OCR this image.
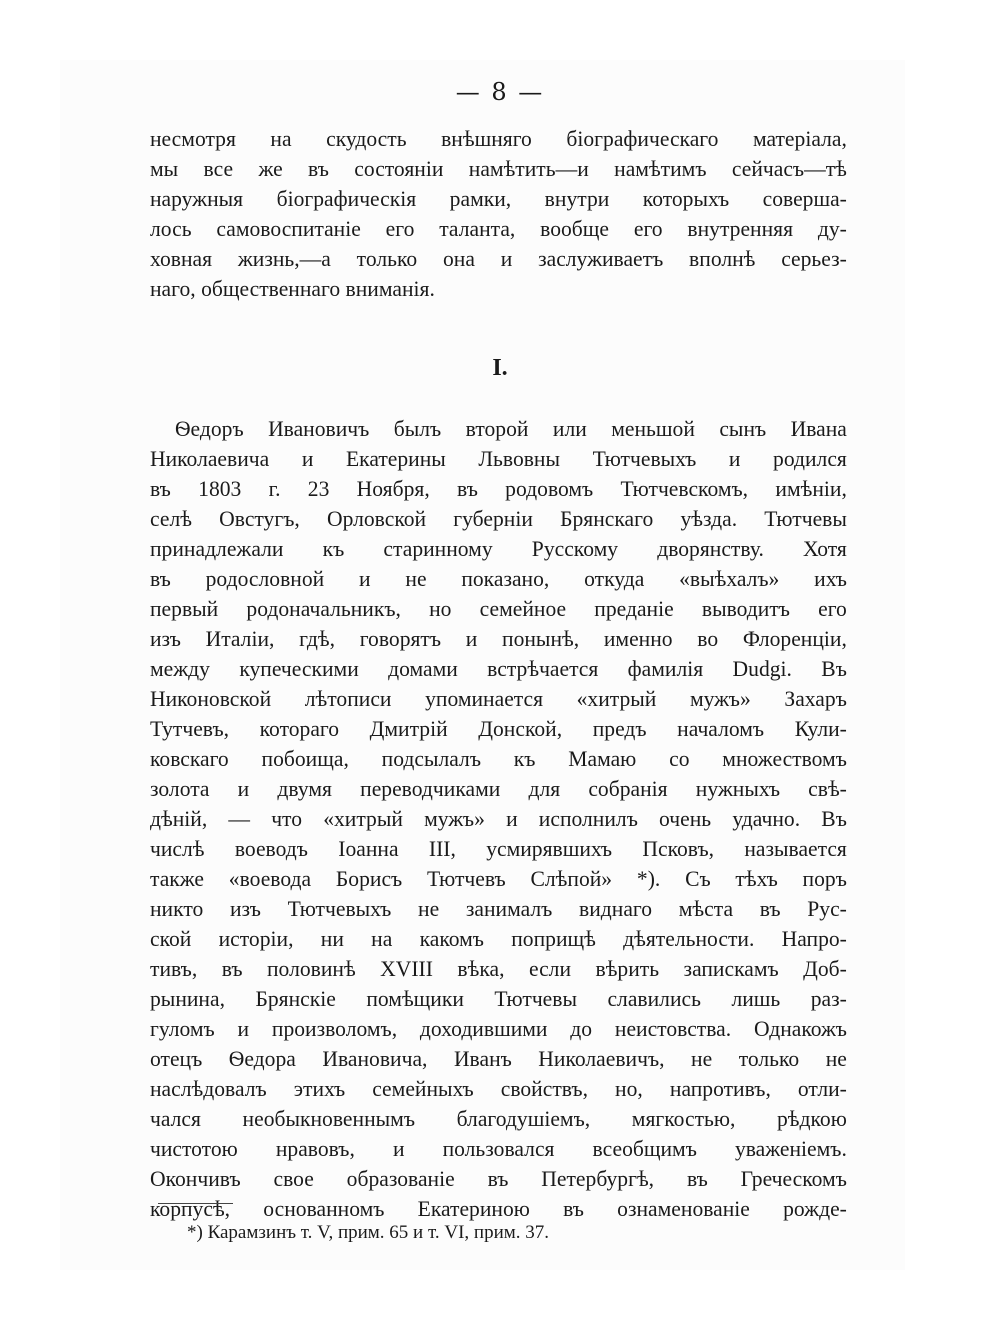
— 8 —
несмотря на скудость внѣшняго біографическаго матеріала,
мы все же въ состояніи намѣтить—и намѣтимъ сейчасъ—тѣ
наружныя біографическія рамки, внутри которыхъ соверша-
лось самовоспитаніе его таланта, вообще его внутренняя ду-
ховная жизнь,—а только она и заслуживаетъ вполнѣ серьез-
наго, общественнаго вниманія.
I.
Ѳедоръ Ивановичъ былъ второй или меньшой сынъ Ивана
Николаевича и Екатерины Львовны Тютчевыхъ и родился
въ 1803 г. 23 Ноября, въ родовомъ Тютчевскомъ, имѣніи,
селѣ Овстугъ, Орловской губерніи Брянскаго уѣзда. Тютчевы
принадлежали къ старинному Русскому дворянству. Хотя
въ родословной и не показано, откуда «выѣхалъ» ихъ
первый родоначальникъ, но семейное преданіе выводитъ его
изъ Италіи, гдѣ, говорятъ и понынѣ, именно во Флоренціи,
между купеческими домами встрѣчается фамилія Dudgi. Въ
Никоновской лѣтописи упоминается «хитрый мужъ» Захаръ
Тутчевъ, котораго Дмитрій Донской, предъ началомъ Кули-
ковскаго побоища, подсылалъ къ Мамаю со множествомъ
золота и двумя переводчиками для собранія нужныхъ свѣ-
дѣній, — что «хитрый мужъ» и исполнилъ очень удачно. Въ
числѣ воеводъ Іоанна III, усмирявшихъ Псковъ, называется
также «воевода Борисъ Тютчевъ Слѣпой» *). Съ тѣхъ поръ
никто изъ Тютчевыхъ не занималъ виднаго мѣста въ Рус-
ской исторіи, ни на какомъ поприщѣ дѣятельности. Напро-
тивъ, въ половинѣ XVIII вѣка, если вѣрить запискамъ Доб-
рынина, Брянскіе помѣщики Тютчевы славились лишь раз-
гуломъ и произволомъ, доходившими до неистовства. Однакожъ
отецъ Ѳедора Ивановича, Иванъ Николаевичъ, не только не
наслѣдовалъ этихъ семейныхъ свойствъ, но, напротивъ, отли-
чался необыкновеннымъ благодушіемъ, мягкостью, рѣдкою
чистотою нравовъ, и пользовался всеобщимъ уваженіемъ.
Окончивъ свое образованіе въ Петербургѣ, въ Греческомъ
корпусѣ, основанномъ Екатериною въ ознаменованіе рожде-
*) Карамзинъ т. V, прим. 65 и т. VI, прим. 37.
